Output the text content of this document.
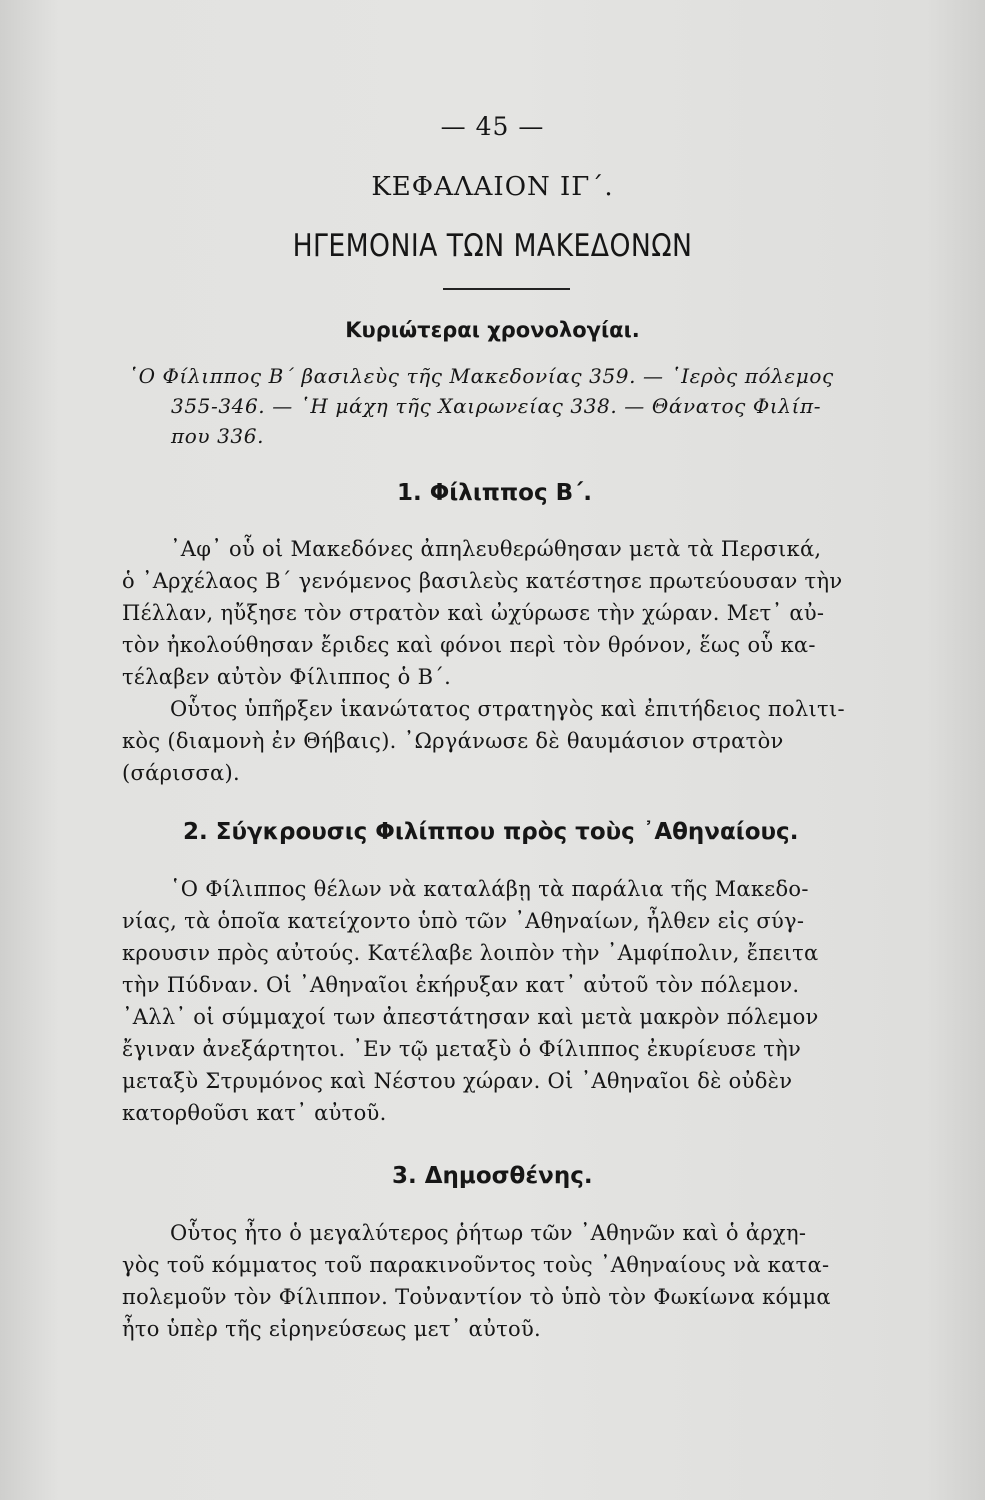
— 45 —

ΚΕΦΑΛΑΙΟΝ ΙΓ΄.

ΗΓΕΜΟΝΙΑ ΤΩΝ ΜΑΚΕΔΟΝΩΝ

Κυριώτεραι χρονολογίαι.

῾Ο Φίλιππος Β΄ βασιλεὺς τῆς Μακεδονίας 359. — ῾Ιερὸς πόλεμος

355-346. — ῾Η μάχη τῆς Χαιρωνείας 338. — Θάνατος Φιλίπ-

που 336.

1. Φίλιππος Β΄.

᾿Αφ᾿ οὗ οἱ Μακεδόνες ἀπηλευθερώθησαν μετὰ τὰ Περσικά,

ὁ ᾿Αρχέλαος Β΄ γενόμενος βασιλεὺς κατέστησε πρωτεύουσαν τὴν

Πέλλαν, ηὔξησε τὸν στρατὸν καὶ ὠχύρωσε τὴν χώραν. Μετ᾿ αὐ-

τὸν ἠκολούθησαν ἔριδες καὶ φόνοι περὶ τὸν θρόνον, ἕως οὗ κα-

τέλαβεν αὐτὸν Φίλιππος ὁ Β΄.

Οὗτος ὑπῆρξεν ἱκανώτατος στρατηγὸς καὶ ἐπιτήδειος πολιτι-

κὸς (διαμονὴ ἐν Θήβαις). ᾿Ωργάνωσε δὲ θαυμάσιον στρατὸν

(σάρισσα).

2. Σύγκρουσις Φιλίππου πρὸς τοὺς ᾿Αθηναίους.

῾Ο Φίλιππος θέλων νὰ καταλάβῃ τὰ παράλια τῆς Μακεδο-

νίας, τὰ ὁποῖα κατείχοντο ὑπὸ τῶν ᾿Αθηναίων, ἦλθεν εἰς σύγ-

κρουσιν πρὸς αὐτούς. Κατέλαβε λοιπὸν τὴν ᾿Αμφίπολιν, ἔπειτα

τὴν Πύδναν. Οἱ ᾿Αθηναῖοι ἐκήρυξαν κατ᾿ αὐτοῦ τὸν πόλεμον.

᾿Αλλ᾿ οἱ σύμμαχοί των ἀπεστάτησαν καὶ μετὰ μακρὸν πόλεμον

ἔγιναν ἀνεξάρτητοι. ᾿Εν τῷ μεταξὺ ὁ Φίλιππος ἐκυρίευσε τὴν

μεταξὺ Στρυμόνος καὶ Νέστου χώραν. Οἱ ᾿Αθηναῖοι δὲ οὐδὲν

κατορθοῦσι κατ᾿ αὐτοῦ.

3. Δημοσθένης.

Οὗτος ἦτο ὁ μεγαλύτερος ῥήτωρ τῶν ᾿Αθηνῶν καὶ ὁ ἀρχη-

γὸς τοῦ κόμματος τοῦ παρακινοῦντος τοὺς ᾿Αθηναίους νὰ κατα-

πολεμοῦν τὸν Φίλιππον. Τοὐναντίον τὸ ὑπὸ τὸν Φωκίωνα κόμμα

ἦτο ὑπὲρ τῆς εἰρηνεύσεως μετ᾿ αὐτοῦ.
